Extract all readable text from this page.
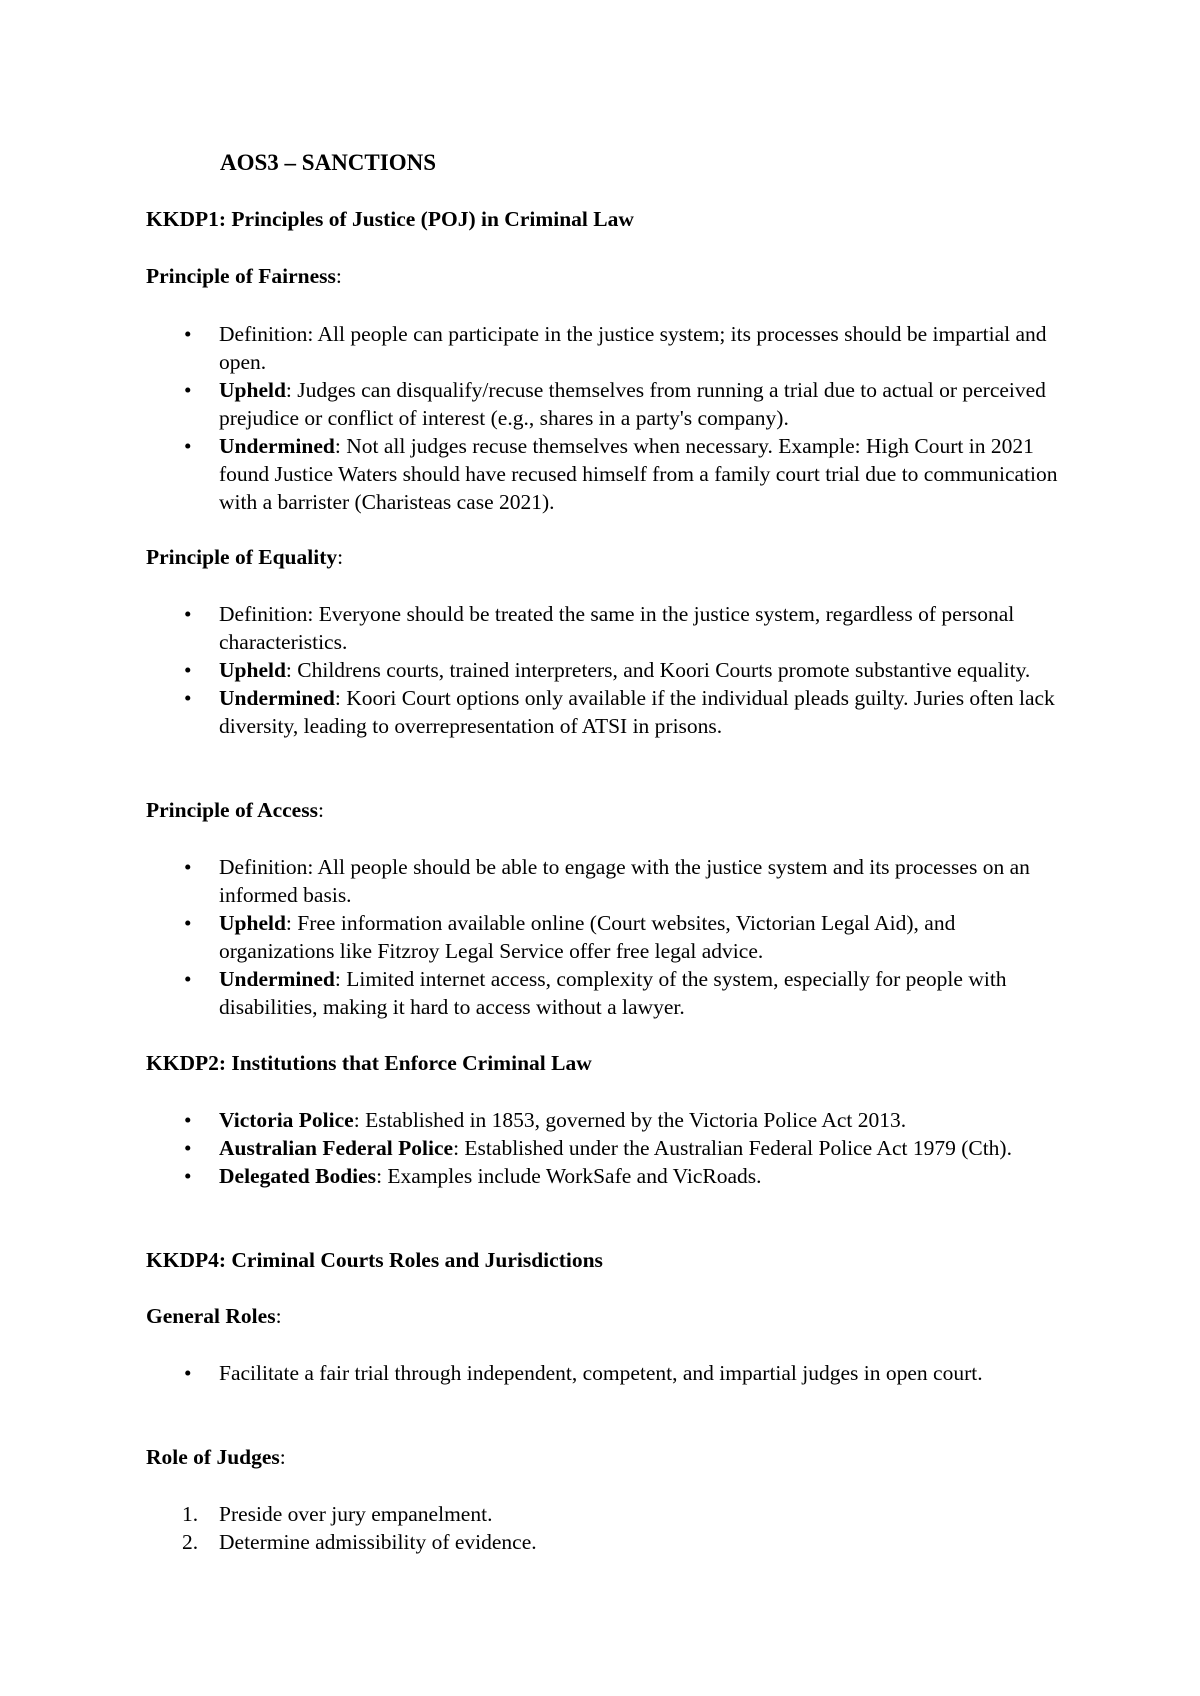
AOS3 – SANCTIONS
KKDP1: Principles of Justice (POJ) in Criminal Law
Principle of Fairness:
• Definition: All people can participate in the justice system; its processes should be impartial and open.
• Upheld: Judges can disqualify/recuse themselves from running a trial due to actual or perceived prejudice or conflict of interest (e.g., shares in a party's company).
• Undermined: Not all judges recuse themselves when necessary. Example: High Court in 2021 found Justice Waters should have recused himself from a family court trial due to communication with a barrister (Charisteas case 2021).
Principle of Equality:
• Definition: Everyone should be treated the same in the justice system, regardless of personal characteristics.
• Upheld: Childrens courts, trained interpreters, and Koori Courts promote substantive equality.
• Undermined: Koori Court options only available if the individual pleads guilty. Juries often lack diversity, leading to overrepresentation of ATSI in prisons.
Principle of Access:
• Definition: All people should be able to engage with the justice system and its processes on an informed basis.
• Upheld: Free information available online (Court websites, Victorian Legal Aid), and organizations like Fitzroy Legal Service offer free legal advice.
• Undermined: Limited internet access, complexity of the system, especially for people with disabilities, making it hard to access without a lawyer.
KKDP2: Institutions that Enforce Criminal Law
• Victoria Police: Established in 1853, governed by the Victoria Police Act 2013.
• Australian Federal Police: Established under the Australian Federal Police Act 1979 (Cth).
• Delegated Bodies: Examples include WorkSafe and VicRoads.
KKDP4: Criminal Courts Roles and Jurisdictions
General Roles:
• Facilitate a fair trial through independent, competent, and impartial judges in open court.
Role of Judges:
1. Preside over jury empanelment.
2. Determine admissibility of evidence.
